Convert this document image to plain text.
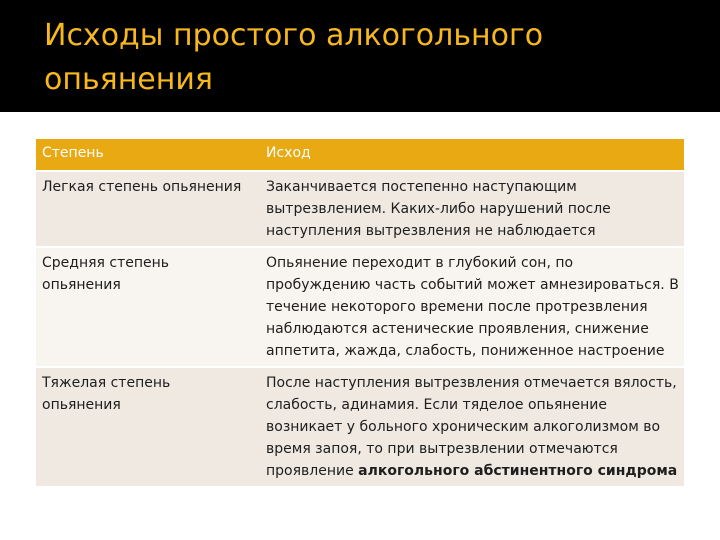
Исходы простого алкогольного опьянения
Степень	Исход
Легкая степень опьянения	Заканчивается постепенно наступающим вытрезвлением. Каких-либо нарушений после наступления вытрезвления не наблюдается
Средняя степень опьянения	Опьянение переходит в глубокий сон, по пробуждению часть событий может амнезироваться. В течение некоторого времени после протрезвления наблюдаются астенические проявления, снижение аппетита, жажда, слабость, пониженное настроение
Тяжелая степень опьянения	После наступления вытрезвления отмечается вялость, слабость, адинамия. Если тяделое опьянение возникает у больного хроническим алкоголизмом во время запоя, то при вытрезвлении отмечаются проявление алкогольного абстинентного синдрома
